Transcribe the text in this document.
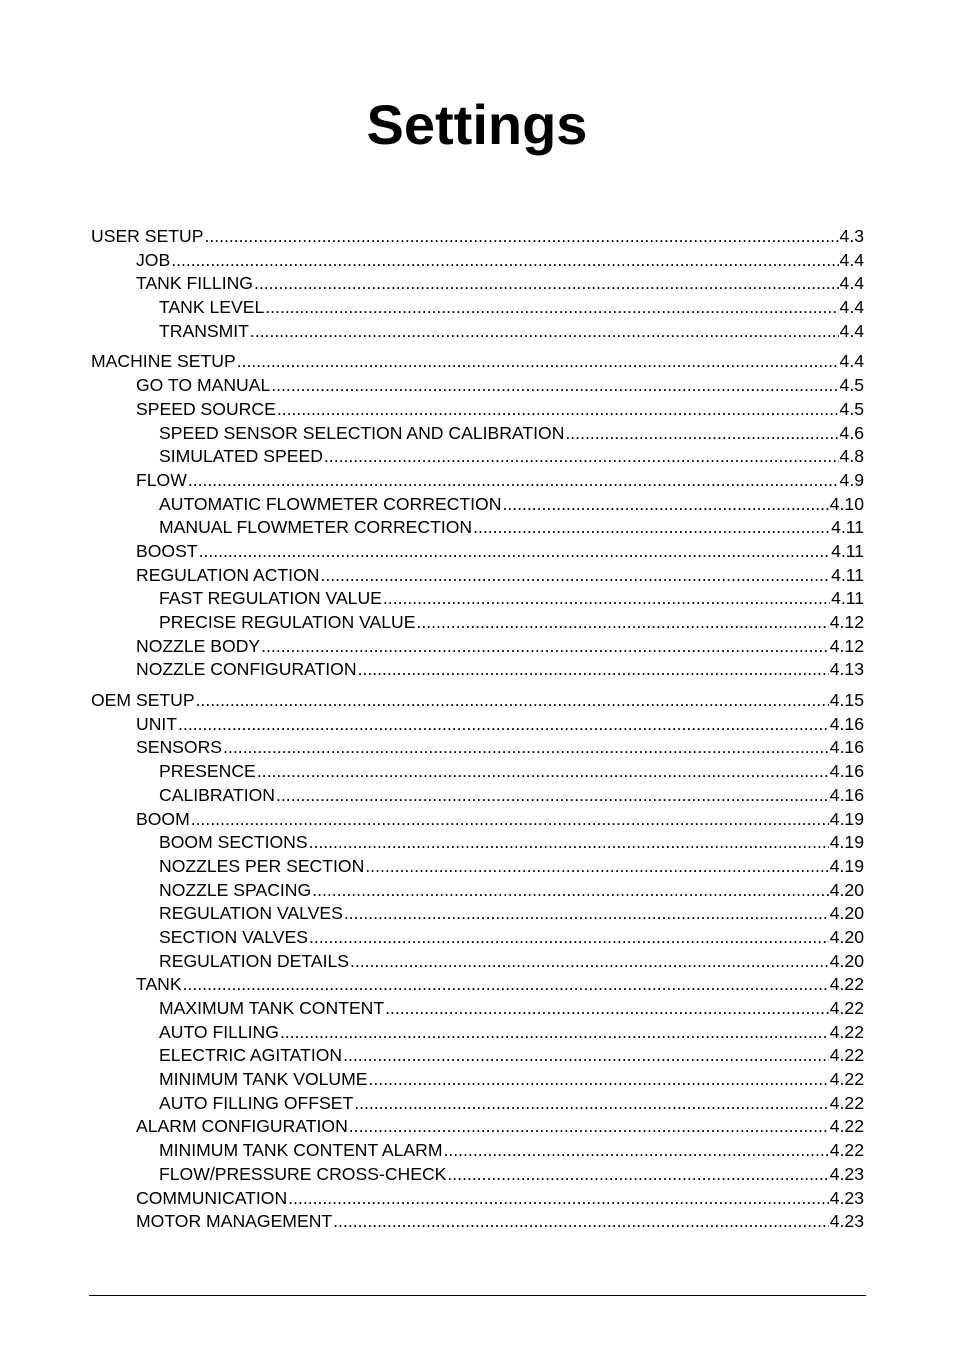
Settings
USER SETUP .....	4.3
JOB .....	4.4
TANK FILLING .....	4.4
TANK LEVEL .....	4.4
TRANSMIT .....	4.4
MACHINE SETUP .....	4.4
GO TO MANUAL .....	4.5
SPEED SOURCE .....	4.5
SPEED SENSOR SELECTION AND CALIBRATION .....	4.6
SIMULATED SPEED .....	4.8
FLOW .....	4.9
AUTOMATIC FLOWMETER CORRECTION .....	4.10
MANUAL FLOWMETER CORRECTION .....	4.11
BOOST .....	4.11
REGULATION ACTION .....	4.11
FAST REGULATION VALUE .....	4.11
PRECISE REGULATION VALUE .....	4.12
NOZZLE BODY .....	4.12
NOZZLE CONFIGURATION .....	4.13
OEM SETUP .....	4.15
UNIT .....	4.16
SENSORS .....	4.16
PRESENCE .....	4.16
CALIBRATION .....	4.16
BOOM .....	4.19
BOOM SECTIONS .....	4.19
NOZZLES PER SECTION .....	4.19
NOZZLE SPACING .....	4.20
REGULATION VALVES .....	4.20
SECTION VALVES .....	4.20
REGULATION DETAILS .....	4.20
TANK .....	4.22
MAXIMUM TANK CONTENT .....	4.22
AUTO FILLING .....	4.22
ELECTRIC AGITATION .....	4.22
MINIMUM TANK VOLUME .....	4.22
AUTO FILLING OFFSET .....	4.22
ALARM CONFIGURATION .....	4.22
MINIMUM TANK CONTENT ALARM .....	4.22
FLOW/PRESSURE CROSS-CHECK .....	4.23
COMMUNICATION .....	4.23
MOTOR MANAGEMENT .....	4.23
